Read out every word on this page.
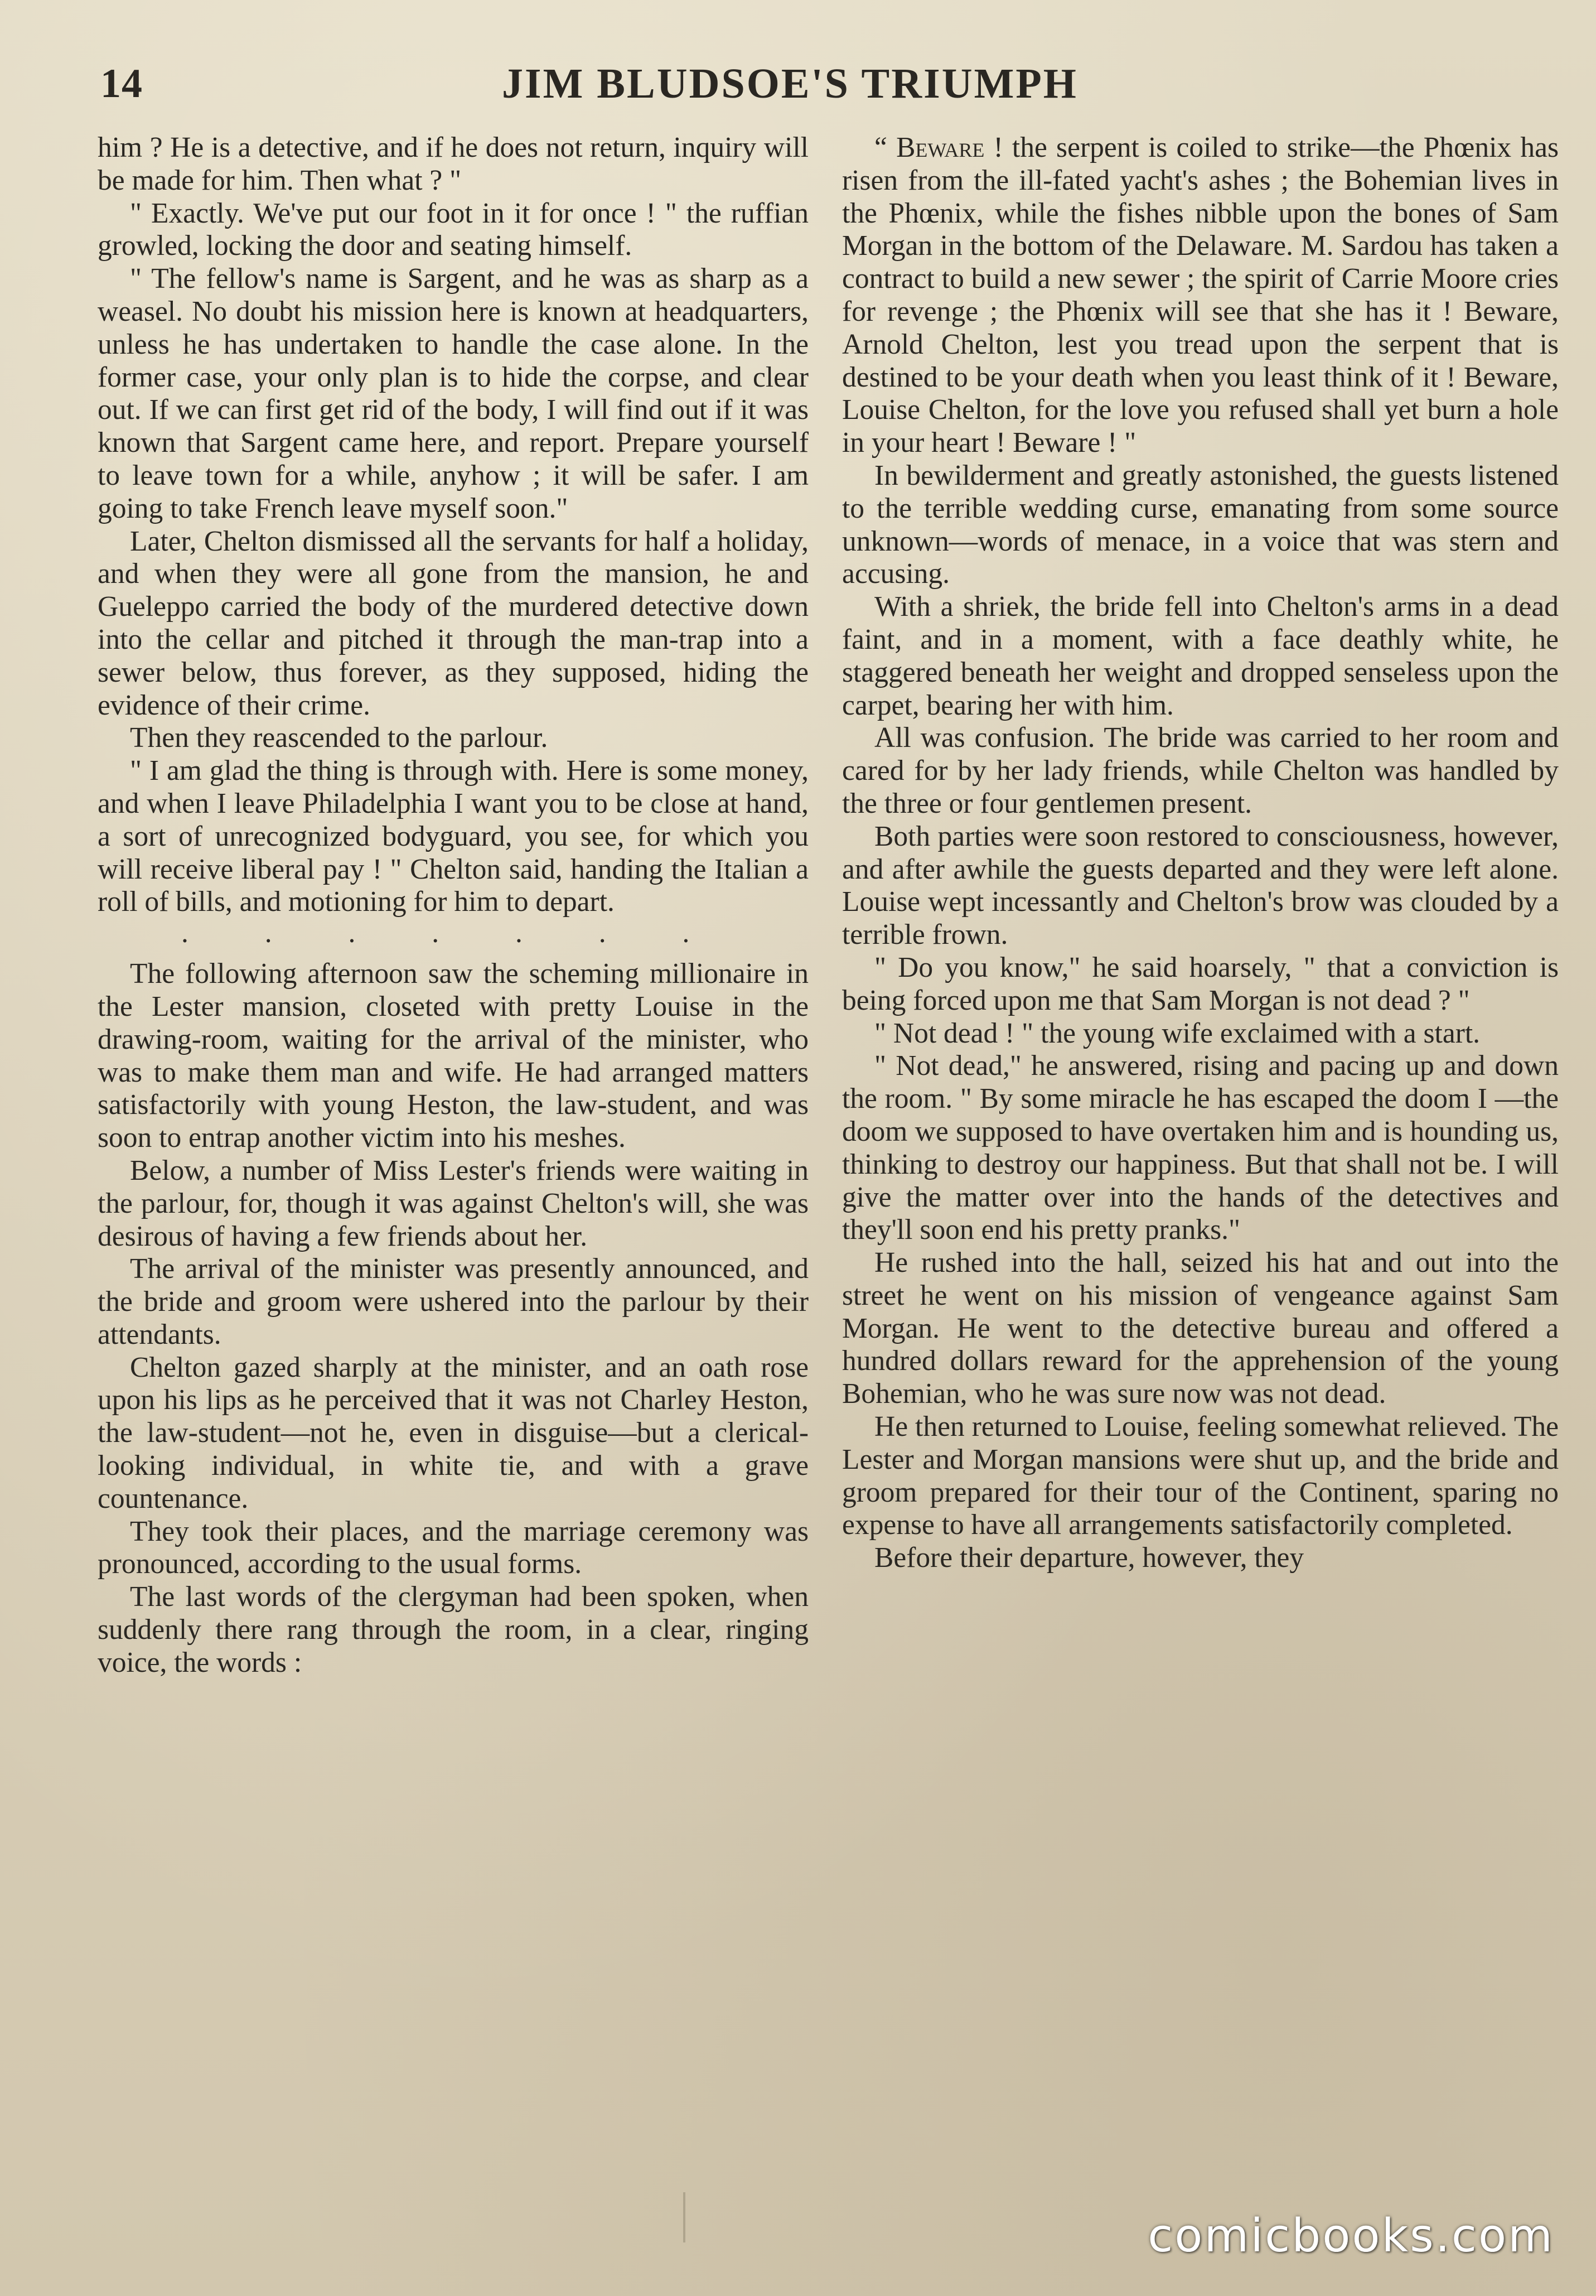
14	JIM BLUDSOE'S TRIUMPH

him ? He is a detective, and if he does not return, inquiry will be made for him. Then what ? "

" Exactly. We've put our foot in it for once ! " the ruffian growled, locking the door and seating himself.

" The fellow's name is Sargent, and he was as sharp as a weasel. No doubt his mission here is known at headquarters, unless he has undertaken to handle the case alone. In the former case, your only plan is to hide the corpse, and clear out. If we can first get rid of the body, I will find out if it was known that Sargent came here, and report. Prepare yourself to leave town for a while, anyhow ; it will be safer. I am going to take French leave myself soon."

Later, Chelton dismissed all the servants for half a holiday, and when they were all gone from the mansion, he and Gueleppo carried the body of the murdered detective down into the cellar and pitched it through the man-trap into a sewer below, thus forever, as they supposed, hiding the evidence of their crime.

Then they reascended to the parlour.

" I am glad the thing is through with. Here is some money, and when I leave Philadelphia I want you to be close at hand, a sort of unrecognized bodyguard, you see, for which you will receive liberal pay ! " Chelton said, handing the Italian a roll of bills, and motioning for him to depart.

. . . . . . .

The following afternoon saw the scheming millionaire in the Lester mansion, closeted with pretty Louise in the drawing-room, waiting for the arrival of the minister, who was to make them man and wife. He had arranged matters satisfactorily with young Heston, the law-student, and was soon to entrap another victim into his meshes.

Below, a number of Miss Lester's friends were waiting in the parlour, for, though it was against Chelton's will, she was desirous of having a few friends about her.

The arrival of the minister was presently announced, and the bride and groom were ushered into the parlour by their attendants.

Chelton gazed sharply at the minister, and an oath rose upon his lips as he perceived that it was not Charley Heston, the law-student—not he, even in disguise—but a clerical-looking individual, in white tie, and with a grave countenance.

They took their places, and the marriage ceremony was pronounced, according to the usual forms.

The last words of the clergyman had been spoken, when suddenly there rang through the room, in a clear, ringing voice, the words :

“ Beware ! the serpent is coiled to strike—the Phœnix has risen from the ill-fated yacht's ashes ; the Bohemian lives in the Phœnix, while the fishes nibble upon the bones of Sam Morgan in the bottom of the Delaware. M. Sardou has taken a contract to build a new sewer ; the spirit of Carrie Moore cries for revenge ; the Phœnix will see that she has it ! Beware, Arnold Chelton, lest you tread upon the serpent that is destined to be your death when you least think of it ! Beware, Louise Chelton, for the love you refused shall yet burn a hole in your heart ! Beware ! "

In bewilderment and greatly astonished, the guests listened to the terrible wedding curse, emanating from some source unknown—words of menace, in a voice that was stern and accusing.

With a shriek, the bride fell into Chelton's arms in a dead faint, and in a moment, with a face deathly white, he staggered beneath her weight and dropped senseless upon the carpet, bearing her with him.

All was confusion. The bride was carried to her room and cared for by her lady friends, while Chelton was handled by the three or four gentlemen present.

Both parties were soon restored to consciousness, however, and after awhile the guests departed and they were left alone. Louise wept incessantly and Chelton's brow was clouded by a terrible frown.

" Do you know," he said hoarsely, " that a conviction is being forced upon me that Sam Morgan is not dead ? "

" Not dead ! " the young wife exclaimed with a start.

" Not dead," he answered, rising and pacing up and down the room. " By some miracle he has escaped the doom I —the doom we supposed to have overtaken him and is hounding us, thinking to destroy our happiness. But that shall not be. I will give the matter over into the hands of the detectives and they'll soon end his pretty pranks."

He rushed into the hall, seized his hat and out into the street he went on his mission of vengeance against Sam Morgan. He went to the detective bureau and offered a hundred dollars reward for the apprehension of the young Bohemian, who he was sure now was not dead.

He then returned to Louise, feeling somewhat relieved. The Lester and Morgan mansions were shut up, and the bride and groom prepared for their tour of the Continent, sparing no expense to have all arrangements satisfactorily completed.

Before their departure, however, they

comicbooks.com
